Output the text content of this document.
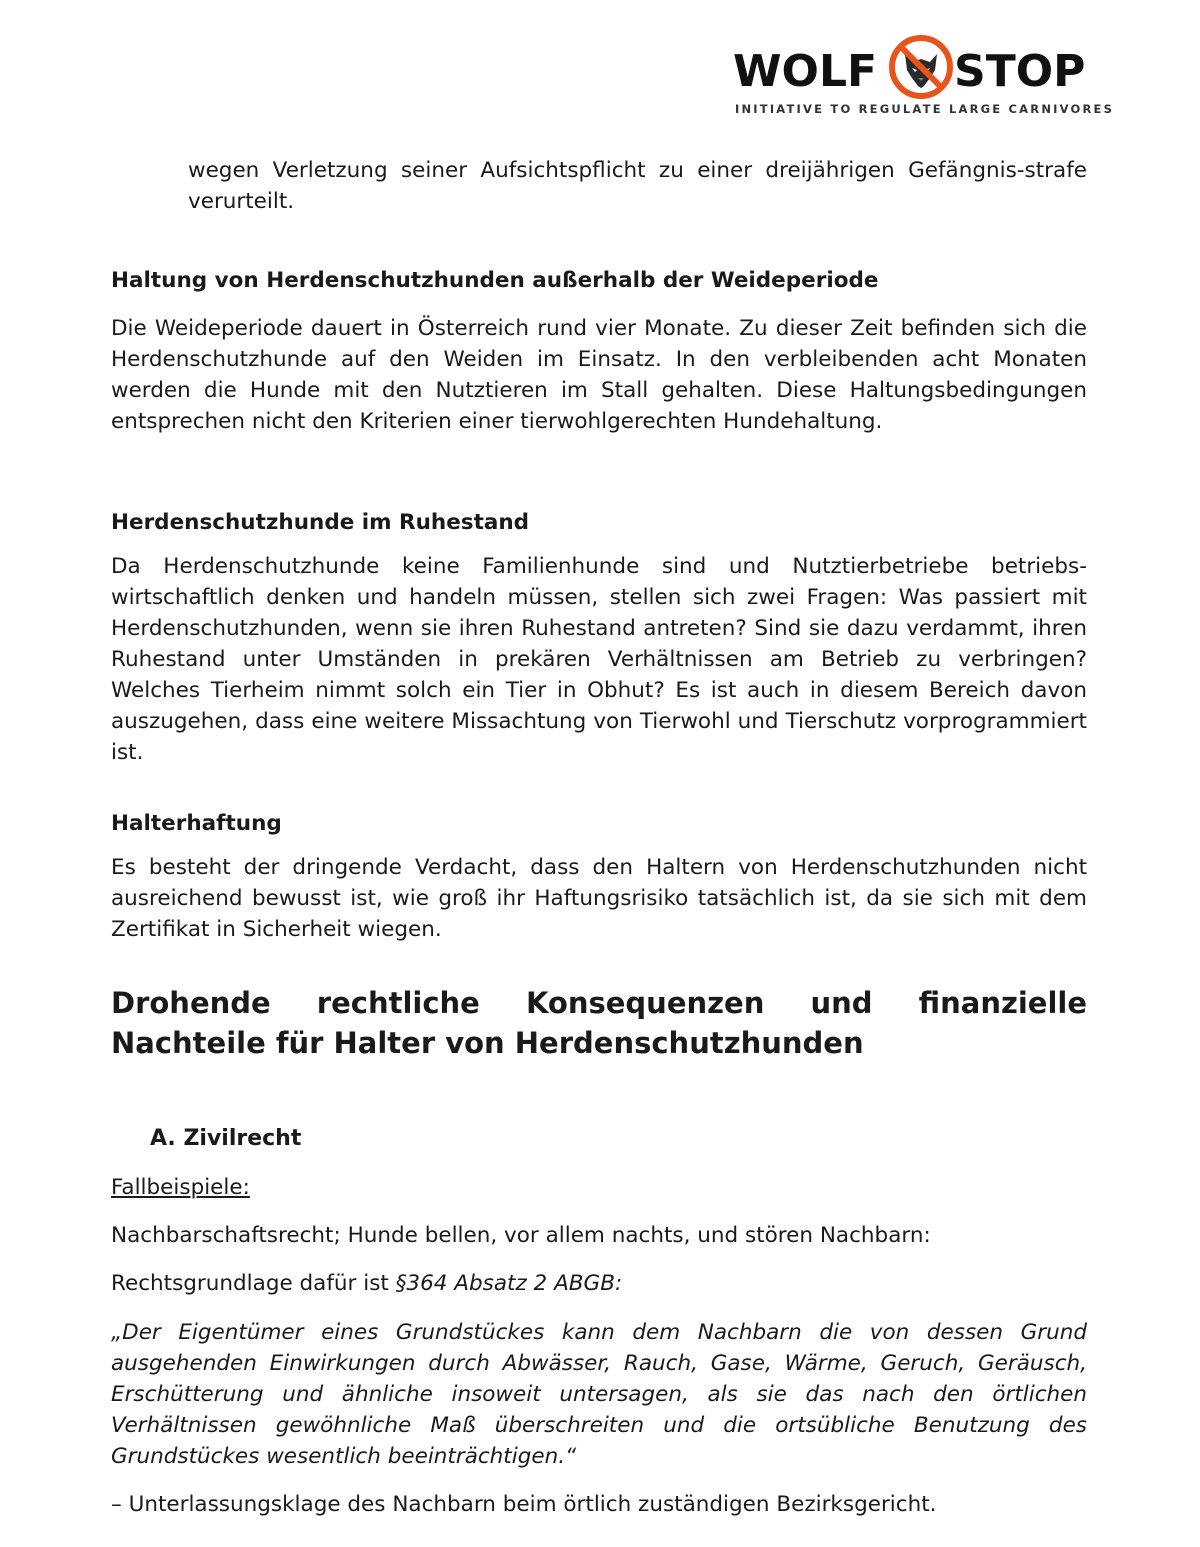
WOLF STOP
INITIATIVE TO REGULATE LARGE CARNIVORES

wegen Verletzung seiner Aufsichtspflicht zu einer dreijährigen Gefängnis-strafe verurteilt.

Haltung von Herdenschutzhunden außerhalb der Weideperiode

Die Weideperiode dauert in Österreich rund vier Monate. Zu dieser Zeit befinden sich die Herdenschutzhunde auf den Weiden im Einsatz. In den verbleibenden acht Monaten werden die Hunde mit den Nutztieren im Stall gehalten. Diese Haltungsbedingungen entsprechen nicht den Kriterien einer tierwohlgerechten Hundehaltung.

Herdenschutzhunde im Ruhestand

Da Herdenschutzhunde keine Familienhunde sind und Nutztierbetriebe betriebs-wirtschaftlich denken und handeln müssen, stellen sich zwei Fragen: Was passiert mit Herdenschutzhunden, wenn sie ihren Ruhestand antreten? Sind sie dazu verdammt, ihren Ruhestand unter Umständen in prekären Verhältnissen am Betrieb zu verbringen? Welches Tierheim nimmt solch ein Tier in Obhut? Es ist auch in diesem Bereich davon auszugehen, dass eine weitere Missachtung von Tierwohl und Tierschutz vorprogrammiert ist.

Halterhaftung

Es besteht der dringende Verdacht, dass den Haltern von Herdenschutzhunden nicht ausreichend bewusst ist, wie groß ihr Haftungsrisiko tatsächlich ist, da sie sich mit dem Zertifikat in Sicherheit wiegen.

Drohende rechtliche Konsequenzen und finanzielle Nachteile für Halter von Herdenschutzhunden
A. Zivilrecht

Fallbeispiele:

Nachbarschaftsrecht; Hunde bellen, vor allem nachts, und stören Nachbarn:

Rechtsgrundlage dafür ist §364 Absatz 2 ABGB:

„Der Eigentümer eines Grundstückes kann dem Nachbarn die von dessen Grund ausgehenden Einwirkungen durch Abwässer, Rauch, Gase, Wärme, Geruch, Geräusch, Erschütterung und ähnliche insoweit untersagen, als sie das nach den örtlichen Verhältnissen gewöhnliche Maß überschreiten und die ortsübliche Benutzung des Grundstückes wesentlich beeinträchtigen.“

– Unterlassungsklage des Nachbarn beim örtlich zuständigen Bezirksgericht.
